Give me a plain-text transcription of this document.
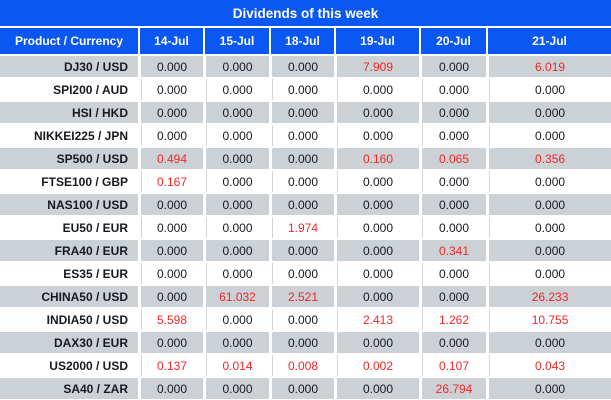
Dividends of this week						
Product / Currency	14-Jul	15-Jul	18-Jul	19-Jul	20-Jul	21-Jul
DJ30 / USD	0.000	0.000	0.000	7.909	0.000	6.019
SPI200 / AUD	0.000	0.000	0.000	0.000	0.000	0.000
HSI / HKD	0.000	0.000	0.000	0.000	0.000	0.000
NIKKEI225 / JPN	0.000	0.000	0.000	0.000	0.000	0.000
SP500 / USD	0.494	0.000	0.000	0.160	0.065	0.356
FTSE100 / GBP	0.167	0.000	0.000	0.000	0.000	0.000
NAS100 / USD	0.000	0.000	0.000	0.000	0.000	0.000
EU50 / EUR	0.000	0.000	1.974	0.000	0.000	0.000
FRA40 / EUR	0.000	0.000	0.000	0.000	0.341	0.000
ES35 / EUR	0.000	0.000	0.000	0.000	0.000	0.000
CHINA50 / USD	0.000	61.032	2.521	0.000	0.000	26.233
INDIA50 / USD	5.598	0.000	0.000	2.413	1.262	10.755
DAX30 / EUR	0.000	0.000	0.000	0.000	0.000	0.000
US2000 / USD	0.137	0.014	0.008	0.002	0.107	0.043
SA40 / ZAR	0.000	0.000	0.000	0.000	26.794	0.000
